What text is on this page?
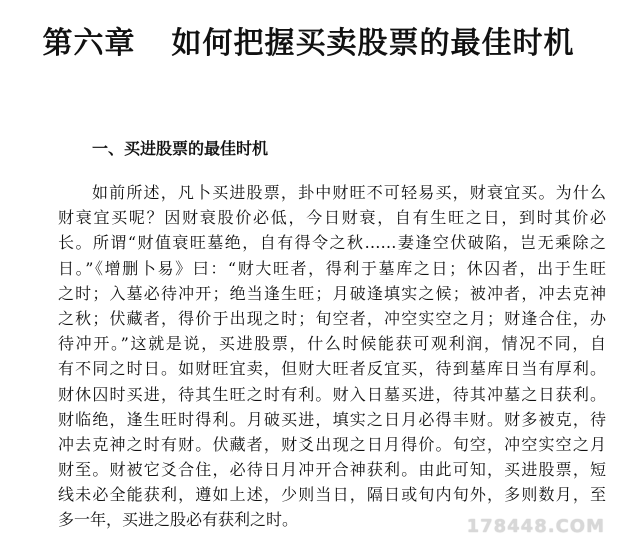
第六章 如何把握买卖股票的最佳时机
一、买进股票的最佳时机
如前所述，凡卜买进股票，卦中财旺不可轻易买，财衰宜买。为什么
财衰宜买呢？因财衰股价必低，今日财衰，自有生旺之日，到时其价必
长。所谓“财值衰旺墓绝，自有得令之秋……妻逢空伏破陷，岂无乘除之
日。”《增删卜易》曰：“财大旺者，得利于墓库之日；休囚者，出于生旺
之时；入墓必待冲开；绝当逢生旺；月破逢填实之候；被冲者，冲去克神
之秋；伏藏者，得价于出现之时；旬空者，冲空实空之月；财逢合住，办
待冲开。”这就是说，买进股票，什么时候能获可观利润，情况不同，自
有不同之时日。如财旺宜卖，但财大旺者反宜买，待到墓库日当有厚利。
财休囚时买进，待其生旺之时有利。财入日墓买进，待其冲墓之日获利。
财临绝，逢生旺时得利。月破买进，填实之日月必得丰财。财多被克，待
冲去克神之时有财。伏藏者，财爻出现之日月得价。旬空，冲空实空之月
财至。财被它爻合住，必待日月冲开合神获利。由此可知，买进股票，短
线未必全能获利，遵如上述，少则当日，隔日或旬内旬外，多则数月，至
多一年，买进之股必有获利之时。	178448.COM
